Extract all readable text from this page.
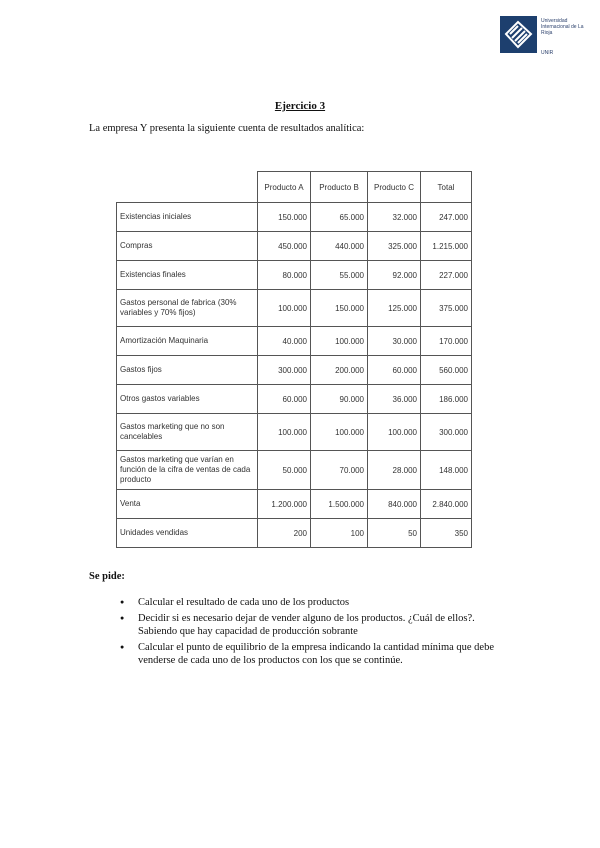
Universidad Internacional de La Rioja
UNIR
Ejercicio 3
La empresa Y presenta la siguiente cuenta de resultados analítica:
	Producto A	Producto B	Producto C	Total
Existencias iniciales	150.000	65.000	32.000	247.000
Compras	450.000	440.000	325.000	1.215.000
Existencias finales	80.000	55.000	92.000	227.000
Gastos personal de fabrica (30% variables y 70% fijos)	100.000	150.000	125.000	375.000
Amortización Maquinaria	40.000	100.000	30.000	170.000
Gastos fijos	300.000	200.000	60.000	560.000
Otros gastos variables	60.000	90.000	36.000	186.000
Gastos marketing que no son cancelables	100.000	100.000	100.000	300.000
Gastos marketing que varían en función de la cifra de ventas de cada producto	50.000	70.000	28.000	148.000
Venta	1.200.000	1.500.000	840.000	2.840.000
Unidades vendidas	200	100	50	350
Se pide:
● Calcular el resultado de cada uno de los productos
● Decidir si es necesario dejar de vender alguno de los productos. ¿Cuál de ellos?. Sabiendo que hay capacidad de producción sobrante
● Calcular el punto de equilibrio de la empresa indicando la cantidad mínima que debe venderse de cada uno de los productos con los que se continúe.
